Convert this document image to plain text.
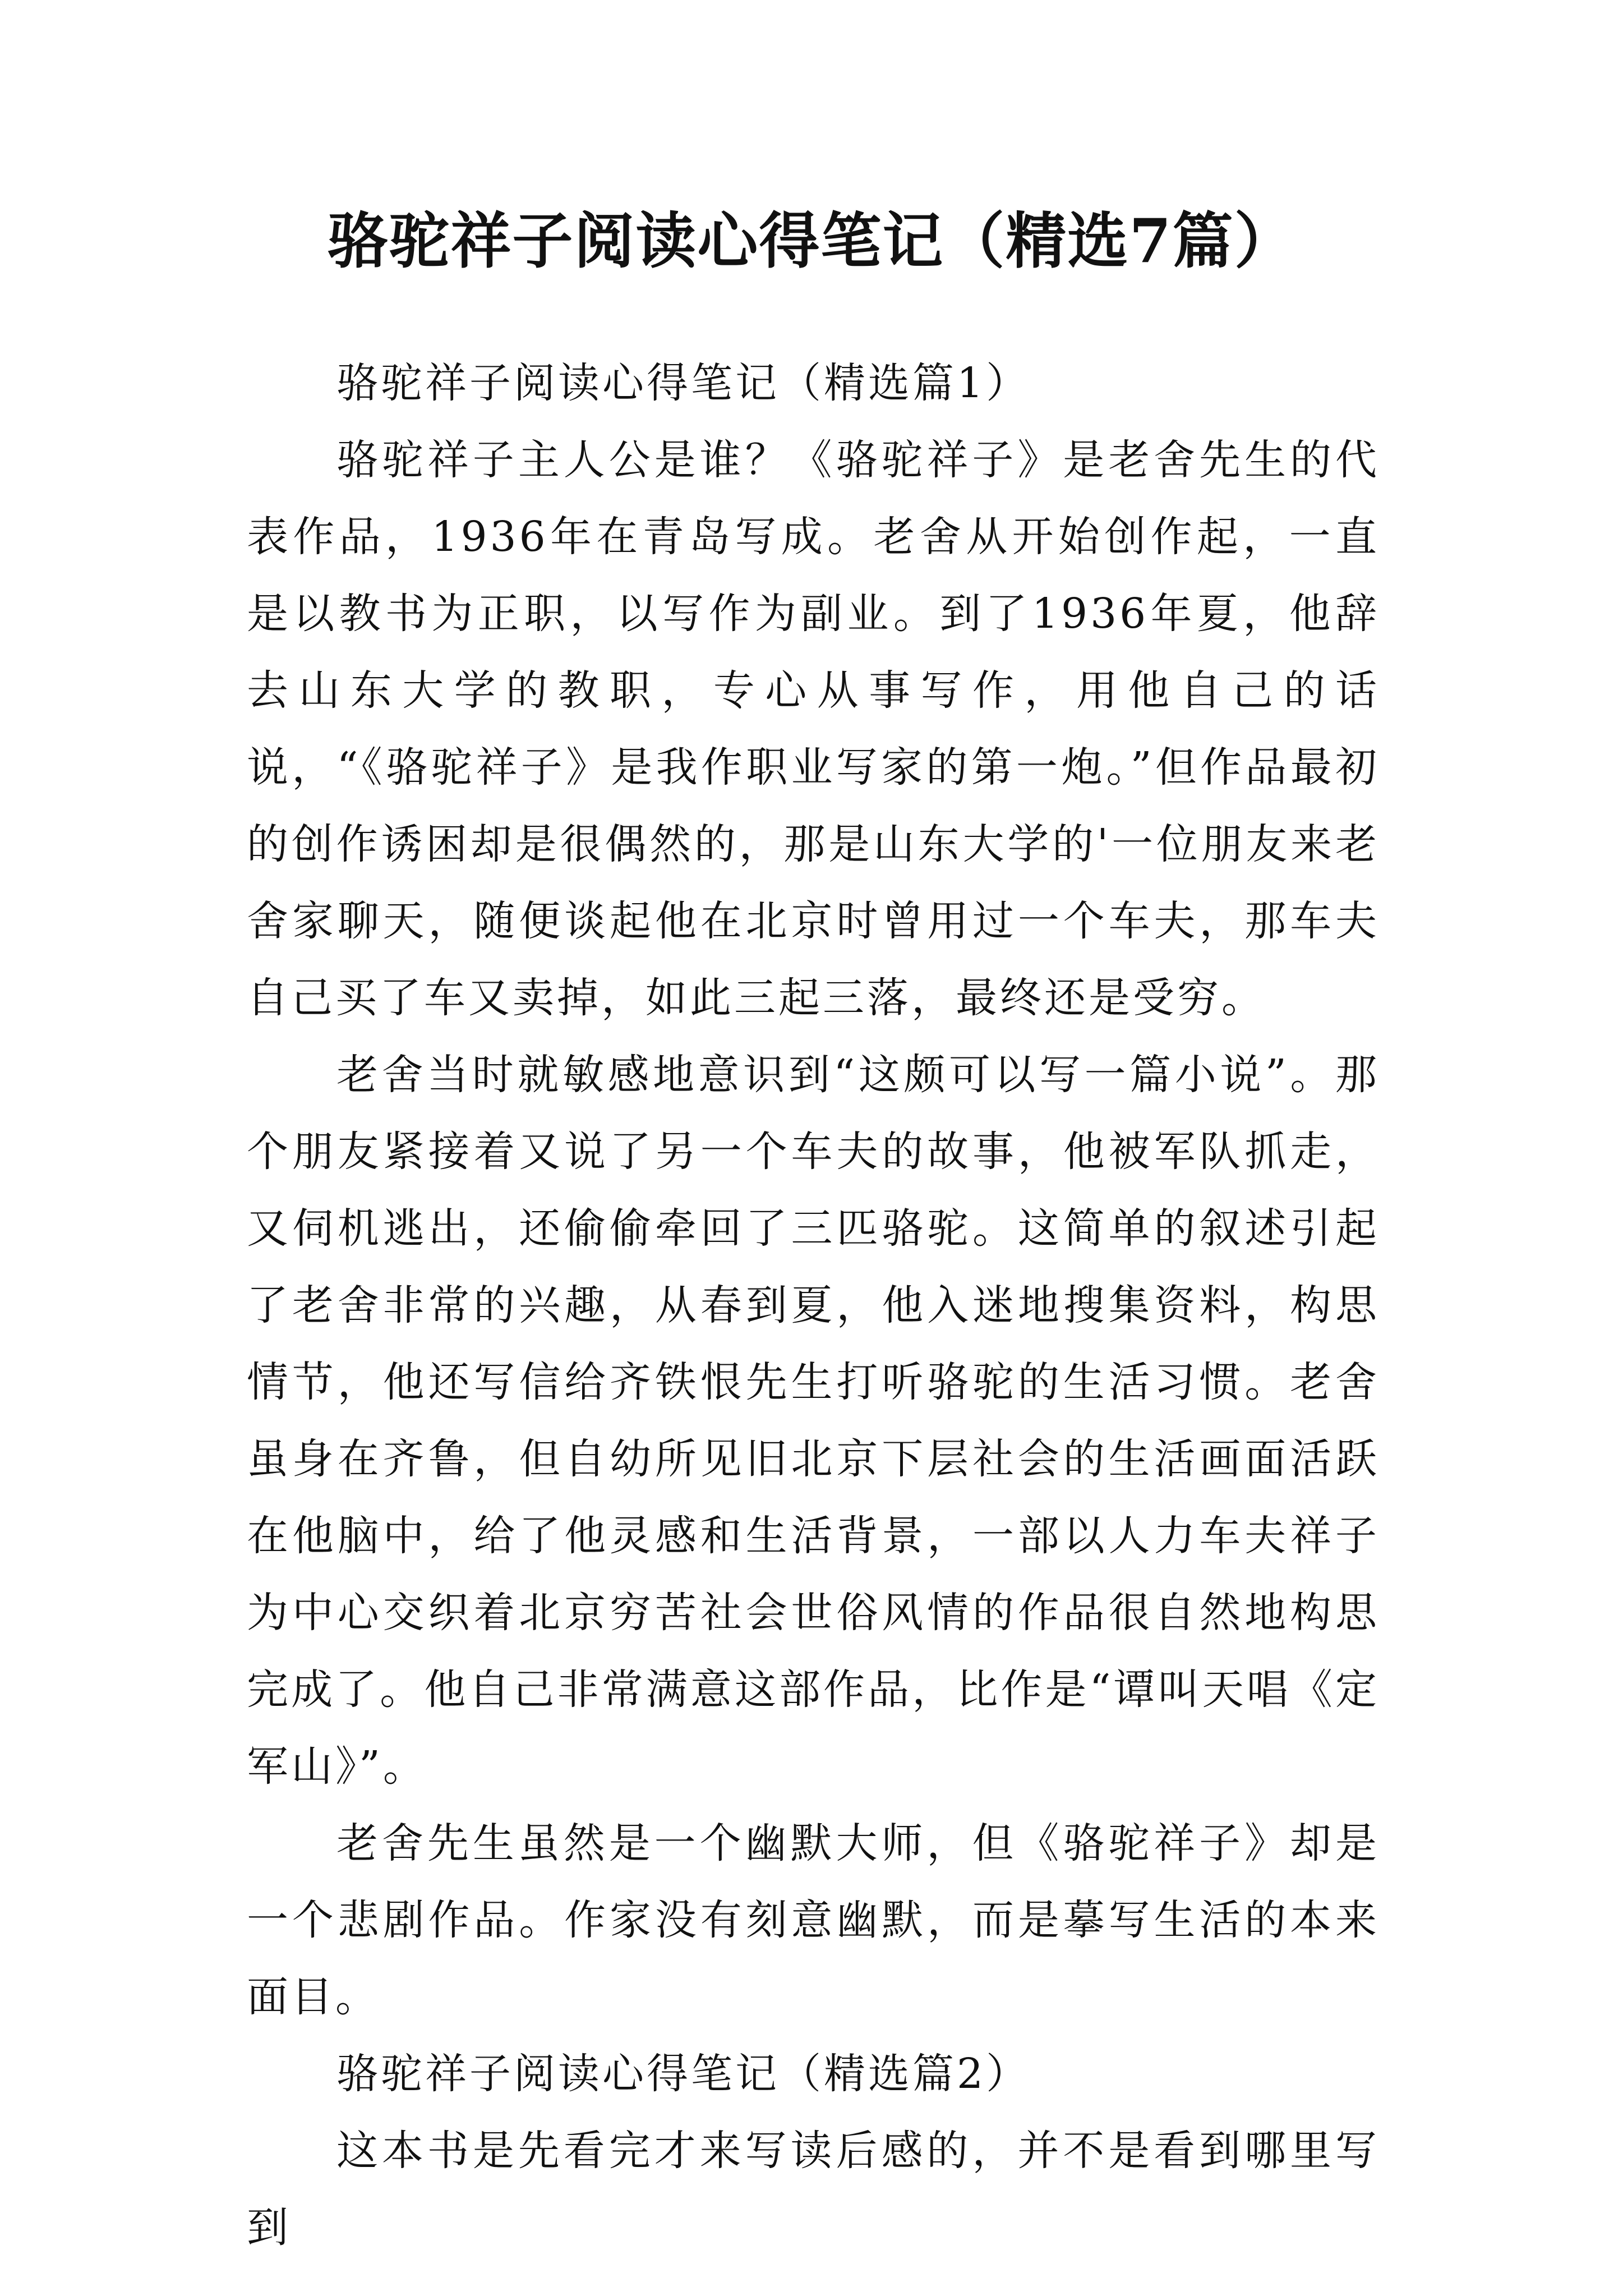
骆驼祥子阅读心得笔记（精选7篇）

骆驼祥子阅读心得笔记（精选篇1）

骆驼祥子主人公是谁？《骆驼祥子》是老舍先生的代表作品，1936年在青岛写成。老舍从开始创作起，一直是以教书为正职，以写作为副业。到了1936年夏，他辞去山东大学的教职，专心从事写作，用他自己的话说，“《骆驼祥子》是我作职业写家的第一炮。”但作品最初的创作诱困却是很偶然的，那是山东大学的'一位朋友来老舍家聊天，随便谈起他在北京时曾用过一个车夫，那车夫自己买了车又卖掉，如此三起三落，最终还是受穷。

老舍当时就敏感地意识到“这颇可以写一篇小说”。那个朋友紧接着又说了另一个车夫的故事，他被军队抓走，又伺机逃出，还偷偷牵回了三匹骆驼。这简单的叙述引起了老舍非常的兴趣，从春到夏，他入迷地搜集资料，构思情节，他还写信给齐铁恨先生打听骆驼的生活习惯。老舍虽身在齐鲁，但自幼所见旧北京下层社会的生活画面活跃在他脑中，给了他灵感和生活背景，一部以人力车夫祥子为中心交织着北京穷苦社会世俗风情的作品很自然地构思完成了。他自己非常满意这部作品，比作是“谭叫天唱《定军山》”。

老舍先生虽然是一个幽默大师，但《骆驼祥子》却是一个悲剧作品。作家没有刻意幽默，而是摹写生活的本来面目。

骆驼祥子阅读心得笔记（精选篇2）

这本书是先看完才来写读后感的，并不是看到哪里写到
